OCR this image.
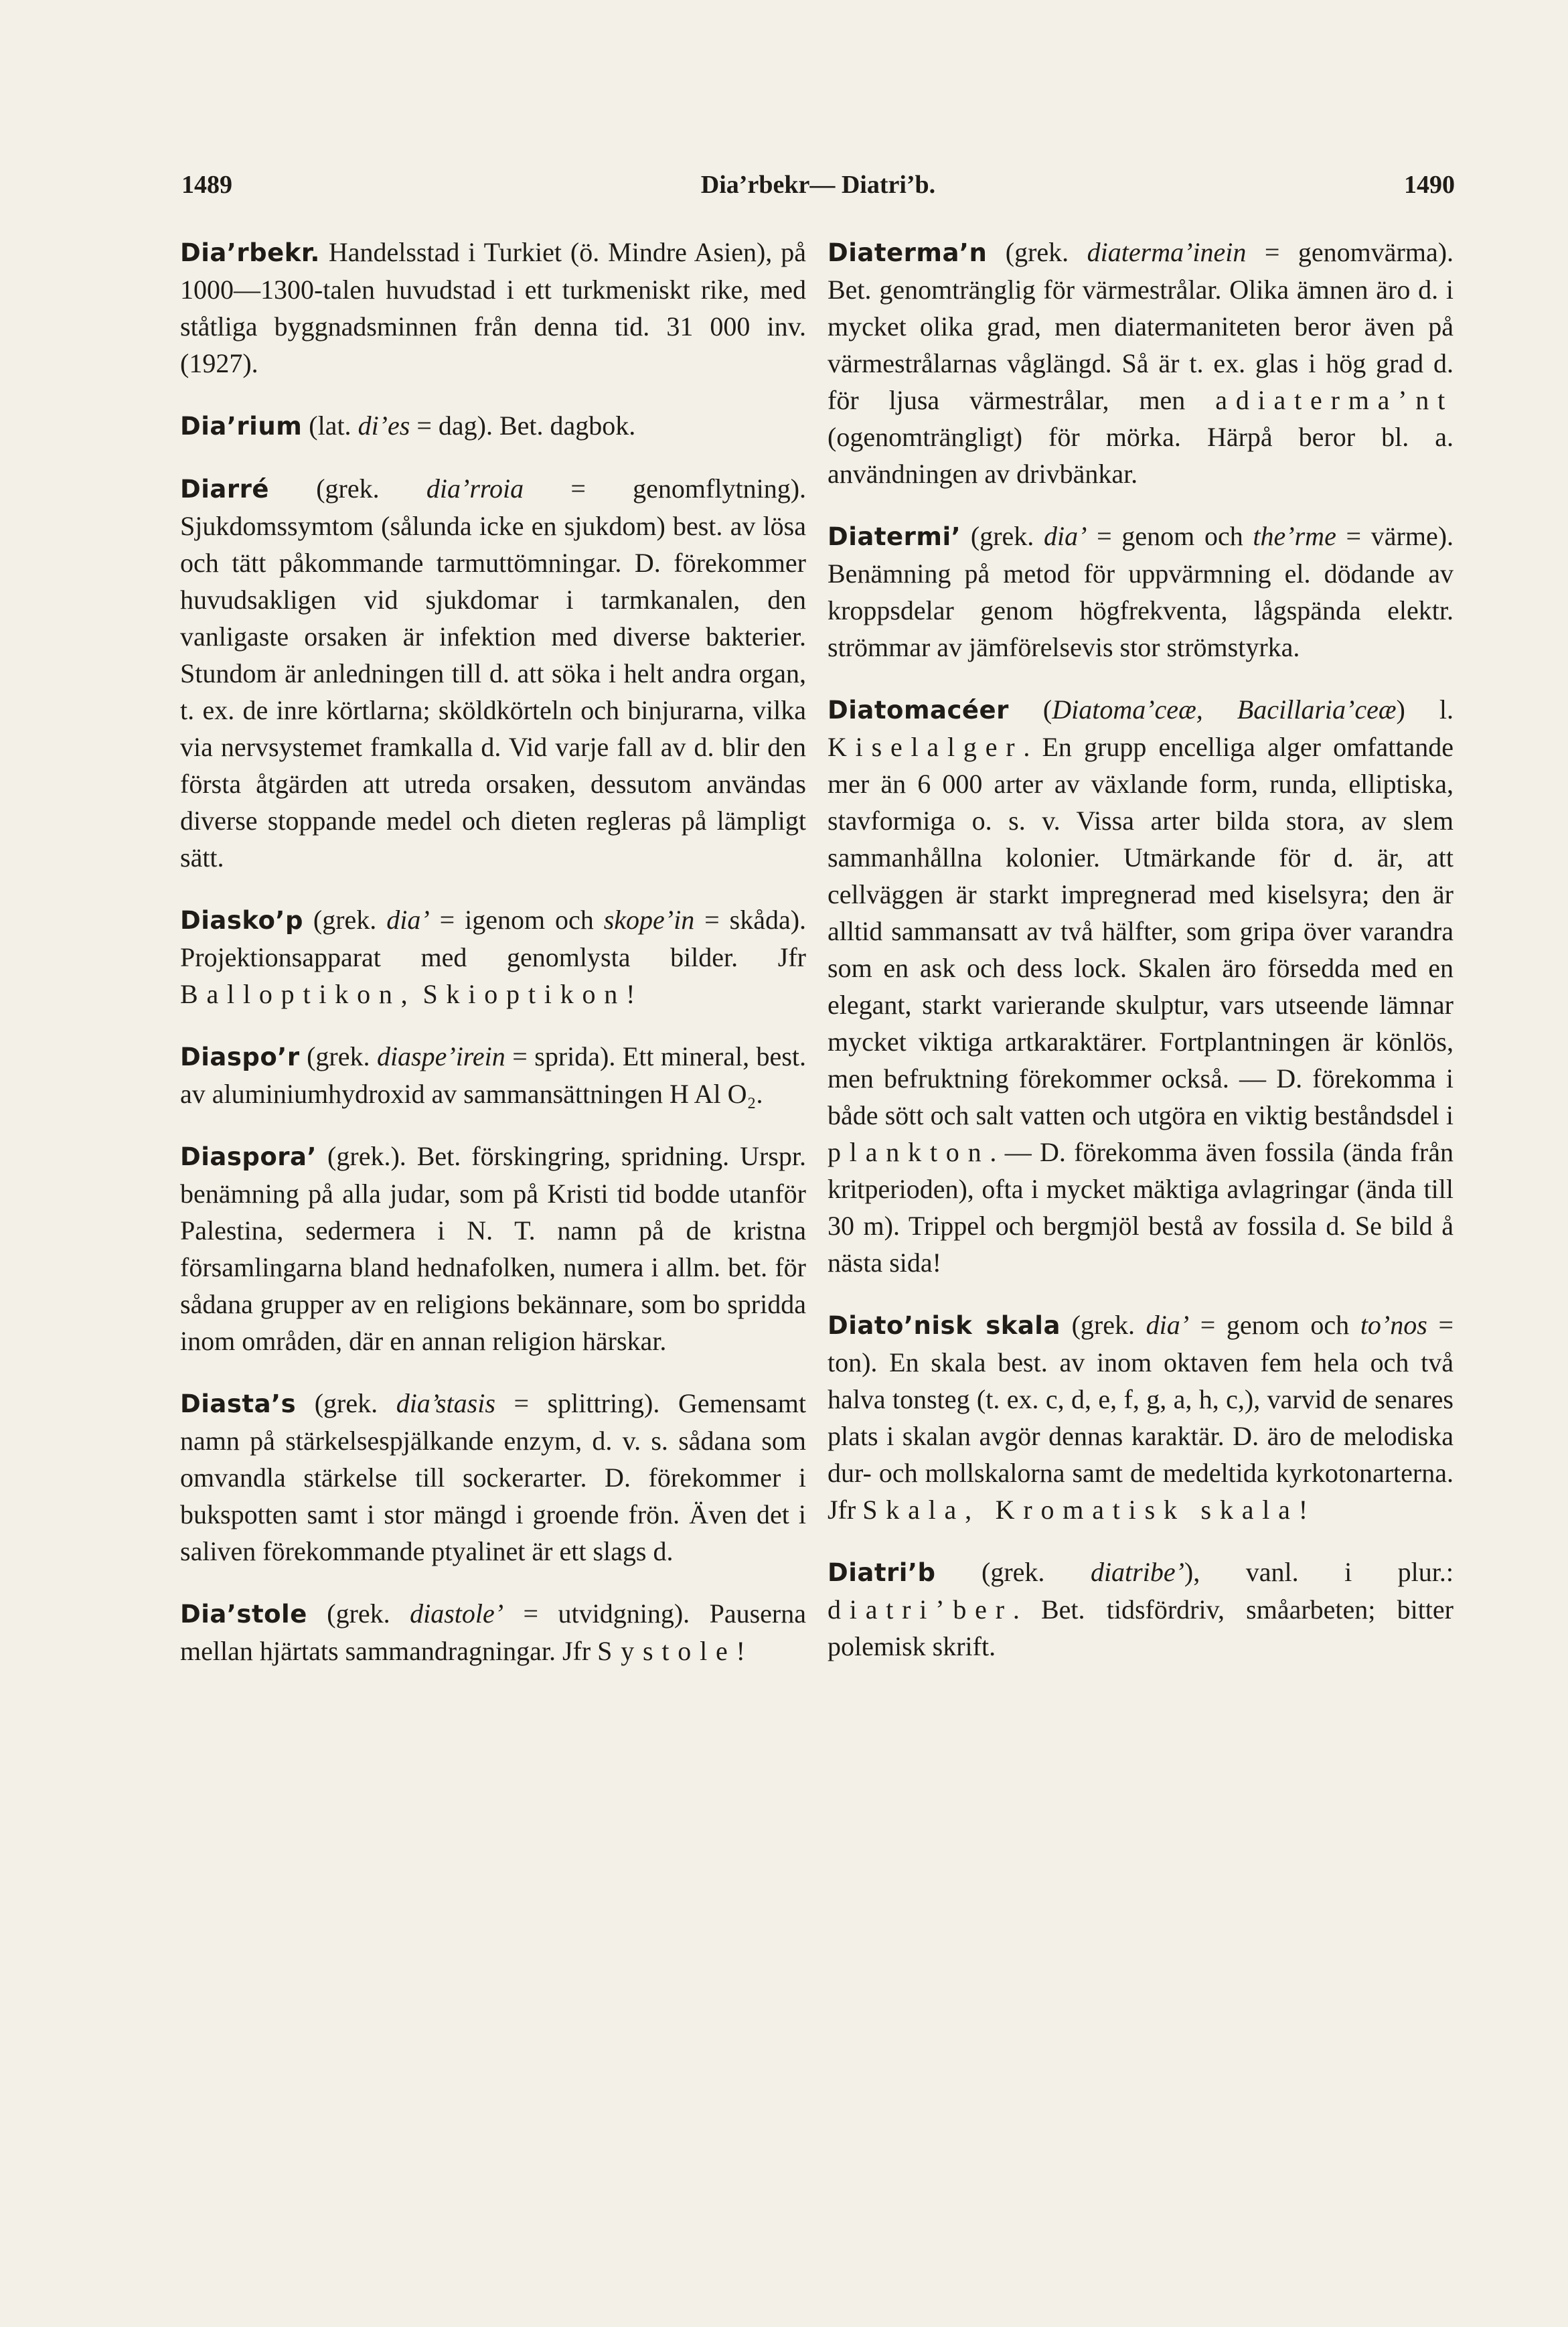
1489	Dia’rbekr— Diatri’b.	1490

Dia’rbekr. Handelsstad i Turkiet (ö. Mindre Asien), på 1000—1300-talen huvudstad i ett turkmeniskt rike, med ståtliga byggnadsminnen från denna tid. 31 000 inv. (1927).

Dia’rium (lat. di’es = dag). Bet. dagbok.

Diarré (grek. dia’rroia = genomflytning). Sjukdomssymtom (sålunda icke en sjukdom) best. av lösa och tätt påkommande tarmuttömningar. D. förekommer huvudsakligen vid sjukdomar i tarmkanalen, den vanligaste orsaken är infektion med diverse bakterier. Stundom är anledningen till d. att söka i helt andra organ, t. ex. de inre körtlarna; sköldkörteln och binjurarna, vilka via nervsystemet framkalla d. Vid varje fall av d. blir den första åtgärden att utreda orsaken, dessutom användas diverse stoppande medel och dieten regleras på lämpligt sätt.

Diasko’p (grek. dia’ = igenom och skope’in = skåda). Projektionsapparat med genomlysta bilder. Jfr Balloptikon, Skioptikon!

Diaspo’r (grek. diaspe’irein = sprida). Ett mineral, best. av aluminiumhydroxid av sammansättningen H Al O₂.

Diaspora’ (grek.). Bet. förskingring, spridning. Urspr. benämning på alla judar, som på Kristi tid bodde utanför Palestina, sedermera i N. T. namn på de kristna församlingarna bland hednafolken, numera i allm. bet. för sådana grupper av en religions bekännare, som bo spridda inom områden, där en annan religion härskar.

Diasta’s (grek. dia’stasis = splittring). Gemensamt namn på stärkelsespjälkande enzym, d. v. s. sådana som omvandla stärkelse till sockerarter. D. förekommer i bukspotten samt i stor mängd i groende frön. Även det i saliven förekommande ptyalinet är ett slags d.

Dia’stole (grek. diastole’ = utvidgning). Pauserna mellan hjärtats sammandragningar. Jfr Systole!

Diaterma’n (grek. diaterma’inein = genomvärma). Bet. genomtränglig för värmestrålar. Olika ämnen äro d. i mycket olika grad, men diatermaniteten beror även på värmestrålarnas våglängd. Så är t. ex. glas i hög grad d. för ljusa värmestrålar, men adiaterma’nt (ogenomträngligt) för mörka. Härpå beror bl. a. användningen av drivbänkar.

Diatermi’ (grek. dia’ = genom och the’rme = värme). Benämning på metod för uppvärmning el. dödande av kroppsdelar genom högfrekventa, lågspända elektr. strömmar av jämförelsevis stor strömstyrka.

Diatomacéer (Diatoma’ceæ, Bacillaria’ceæ) l. Kiselalger. En grupp encelliga alger omfattande mer än 6 000 arter av växlande form, runda, elliptiska, stavformiga o. s. v. Vissa arter bilda stora, av slem sammanhållna kolonier. Utmärkande för d. är, att cellväggen är starkt impregnerad med kiselsyra; den är alltid sammansatt av två hälfter, som gripa över varandra som en ask och dess lock. Skalen äro försedda med en elegant, starkt varierande skulptur, vars utseende lämnar mycket viktiga artkaraktärer. Fortplantningen är könlös, men befruktning förekommer också. — D. förekomma i både sött och salt vatten och utgöra en viktig beståndsdel i plankton. — D. förekomma även fossila (ända från kritperioden), ofta i mycket mäktiga avlagringar (ända till 30 m). Trippel och bergmjöl bestå av fossila d. Se bild å nästa sida!

Diato’nisk skala (grek. dia’ = genom och to’nos = ton). En skala best. av inom oktaven fem hela och två halva tonsteg (t. ex. c, d, e, f, g, a, h, c,), varvid de senares plats i skalan avgör dennas karaktär. D. äro de melodiska dur- och mollskalorna samt de medeltida kyrkotonarterna. Jfr Skala, Kromatisk skala!

Diatri’b (grek. diatribe’), vanl. i plur.: diatri’ber. Bet. tidsfördriv, småarbeten; bitter polemisk skrift.
